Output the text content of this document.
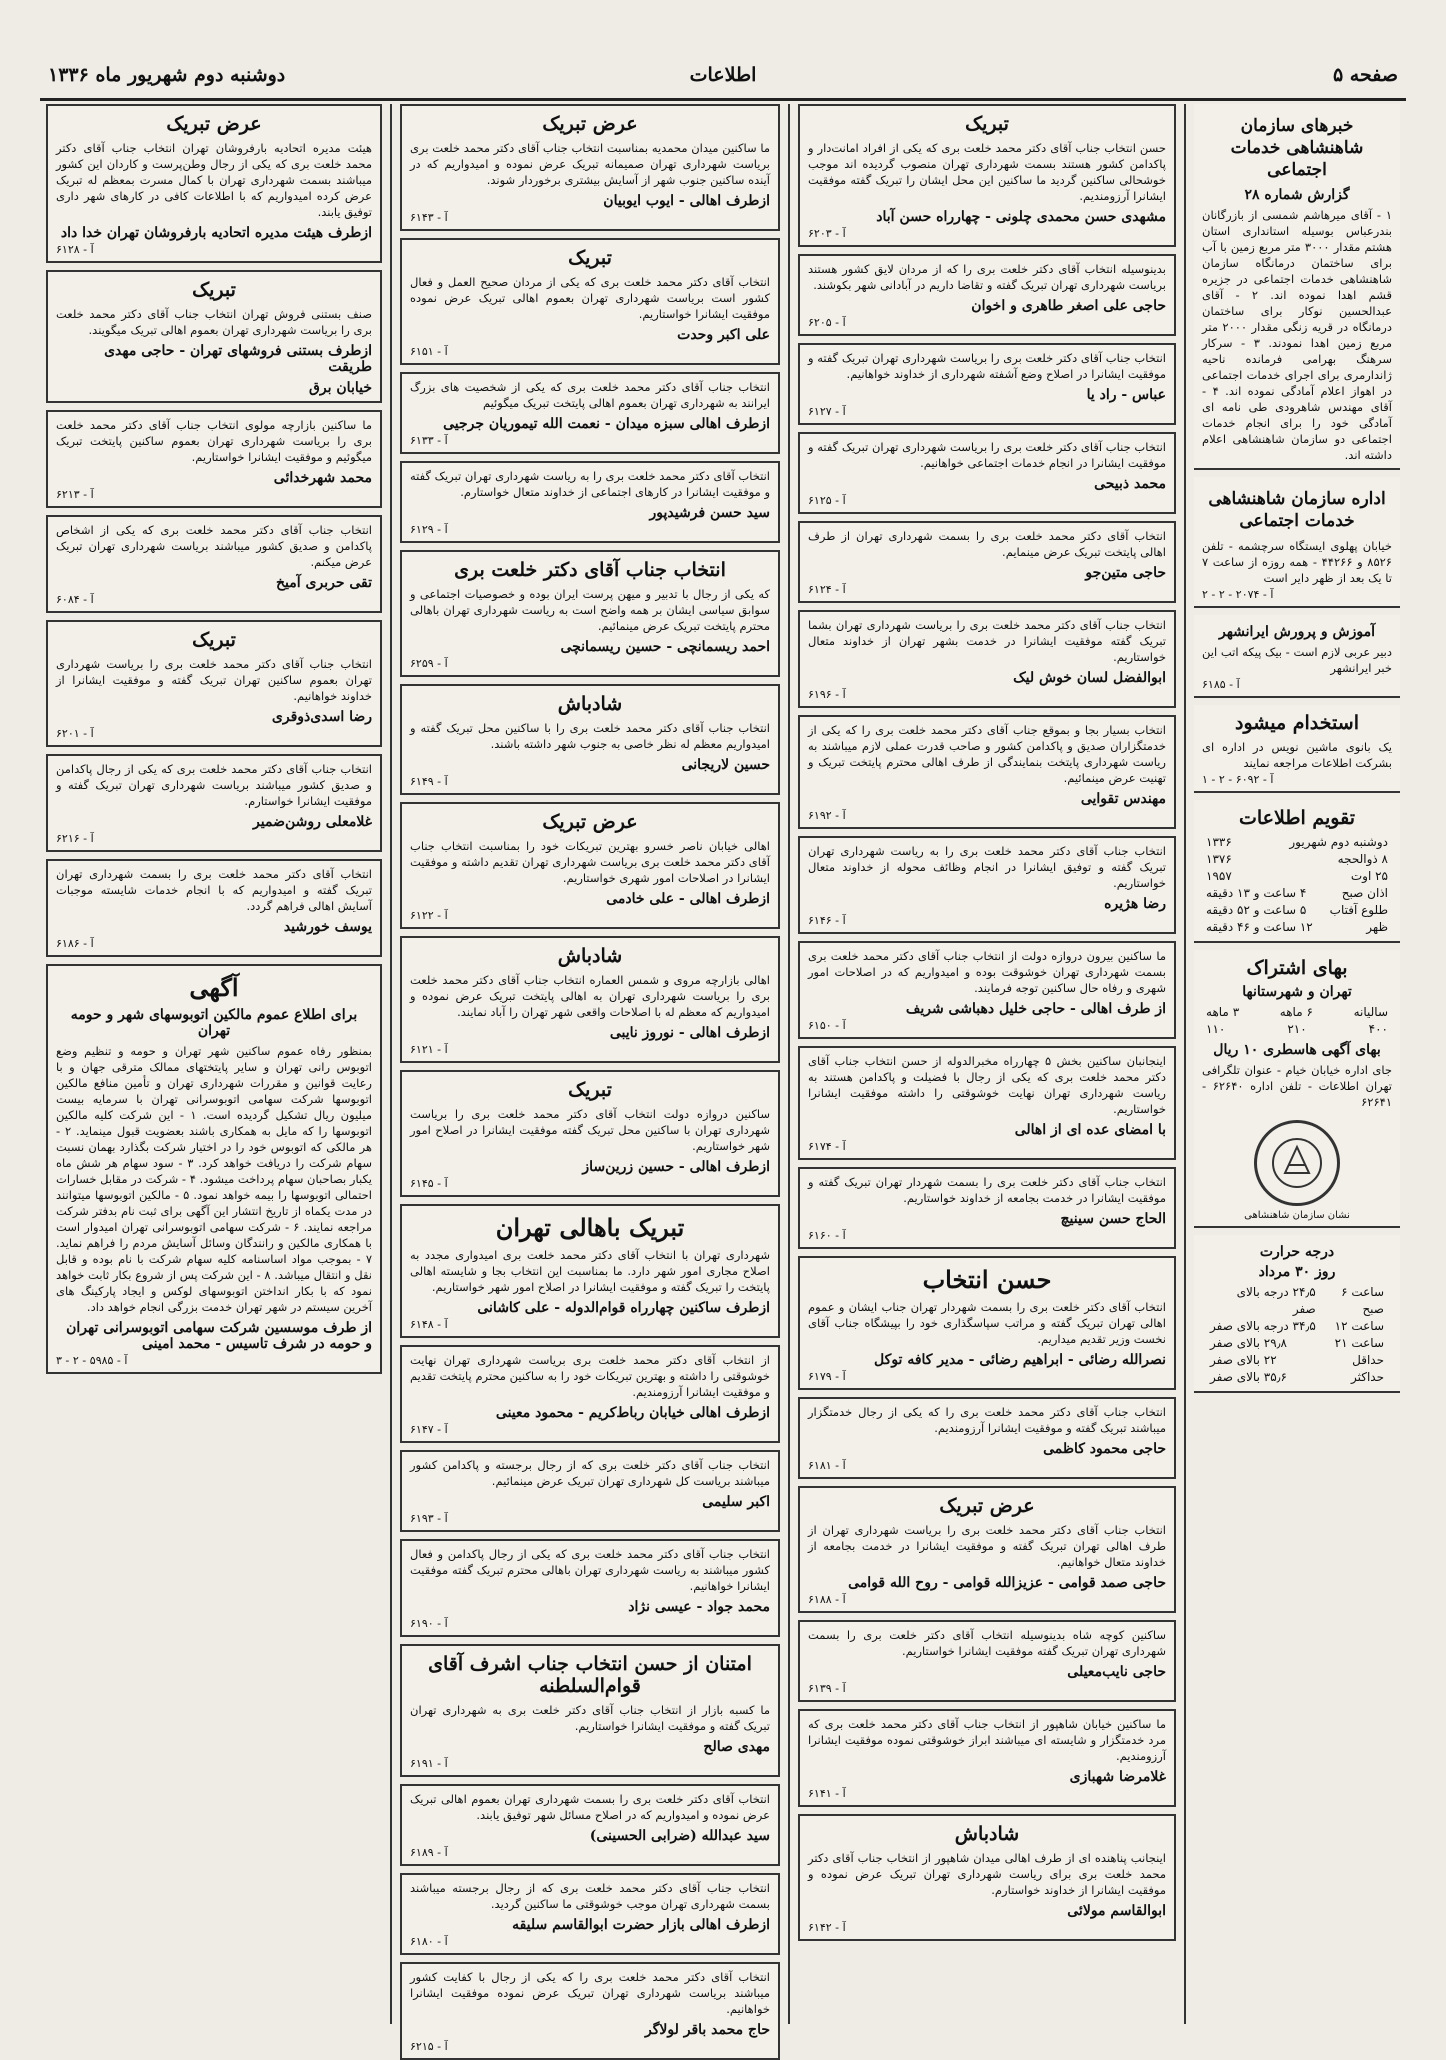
صفحه ۵
اطلاعات
دوشنبه دوم شهریور ماه ۱۳۳۶
خبرهای سازمان شاهنشاهی خدمات اجتماعی
گزارش شماره ۲۸
۱ - آقای میرهاشم شمسی از بازرگانان بندرعباس بوسیله استانداری استان هشتم مقدار ۳۰۰۰ متر مربع زمین با آب برای ساختمان درمانگاه سازمان شاهنشاهی خدمات اجتماعی در جزیره قشم اهدا نموده اند. ۲ - آقای عبدالحسین نوکار برای ساختمان درمانگاه در قریه زنگی مقدار ۲۰۰۰ متر مربع زمین اهدا نمودند. ۳ - سرکار سرهنگ بهرامی فرمانده ناحیه ژاندارمری برای اجرای خدمات اجتماعی در اهواز اعلام آمادگی نموده اند. ۴ - آقای مهندس شاهرودی طی نامه ای آمادگی خود را برای انجام خدمات اجتماعی دو سازمان شاهنشاهی اعلام داشته اند.
اداره سازمان شاهنشاهی خدمات اجتماعی
خیابان پهلوی ایستگاه سرچشمه - تلفن ۸۵۲۶ و ۴۴۲۶۶ - همه روزه از ساعت ۷ تا یک بعد از ظهر دایر است
آ - ۲۰۷۴ - ۲ - ۲
آموزش و پرورش ایرانشهر
دبیر عربی لازم است - بیک پیکه اتب این خبر ایرانشهر
آ - ۶۱۸۵
استخدام میشود
یک بانوی ماشین نویس در اداره ای بشرکت اطلاعات مراجعه نمایند
آ - ۶۰۹۲ - ۲ - ۱
تقویم اطلاعات
دوشنبه دوم شهریور
۱۳۳۶
۸ ذوالحجه
۱۳۷۶
۲۵ اوت
۱۹۵۷
اذان صبح
۴ ساعت و ۱۳ دقیقه
طلوع آفتاب
۵ ساعت و ۵۲ دقیقه
ظهر
۱۲ ساعت و ۴۶ دقیقه
بهای اشتراک
تهران و شهرستانها
سالیانه
۶ ماهه
۳ ماهه
۴۰۰
۲۱۰
۱۱۰
بهای آگهی هاسطری ۱۰ ریال
جای اداره خیابان خیام - عنوان تلگرافی تهران اطلاعات - تلفن اداره ۶۲۶۴۰ - ۶۲۶۴۱
نشان سازمان شاهنشاهی
درجه حرارت
روز ۳۰ مرداد
ساعت ۶ صبح
۲۴٫۵ درجه بالای صفر
ساعت ۱۲
۳۴٫۵ درجه بالای صفر
ساعت ۲۱
۲۹٫۸ بالای صفر
حداقل
۲۲ بالای صفر
حداکثر
۳۵٫۶ بالای صفر
تبریک
حسن انتخاب جناب آقای دکتر محمد خلعت بری که یکی از افراد امانت‌دار و پاکدامن کشور هستند بسمت شهرداری تهران منصوب گردیده اند موجب خوشحالی ساکنین گردید ما ساکنین این محل ایشان را تبریک گفته موفقیت ایشانرا آرزومندیم.
مشهدی حسن محمدی چلونی - چهارراه حسن آباد
آ - ۶۲۰۳
بدینوسیله انتخاب آقای دکتر خلعت بری را که از مردان لایق کشور هستند بریاست شهرداری تهران تبریک گفته و تقاضا داریم در آبادانی شهر بکوشند.
حاجی علی اصغر طاهری و اخوان
آ - ۶۲۰۵
انتخاب جناب آقای دکتر خلعت بری را بریاست شهرداری تهران تبریک گفته و موفقیت ایشانرا در اصلاح وضع آشفته شهرداری از خداوند خواهانیم.
عباس - راد یا
آ - ۶۱۲۷
انتخاب جناب آقای دکتر خلعت بری را بریاست شهرداری تهران تبریک گفته و موفقیت ایشانرا در انجام خدمات اجتماعی خواهانیم.
محمد ذبیحی
آ - ۶۱۲۵
انتخاب آقای دکتر محمد خلعت بری را بسمت شهرداری تهران از طرف اهالی پایتخت تبریک عرض مینمایم.
حاجی متین‌جو
آ - ۶۱۲۴
انتخاب جناب آقای دکتر محمد خلعت بری را بریاست شهرداری تهران بشما تبریک گفته موفقیت ایشانرا در خدمت بشهر تهران از خداوند متعال خواستاریم.
ابوالفضل لسان خوش لیک
آ - ۶۱۹۶
انتخاب بسیار بجا و بموقع جناب آقای دکتر محمد خلعت بری را که یکی از خدمتگزاران صدیق و پاکدامن کشور و صاحب قدرت عملی لازم میباشند به ریاست شهرداری پایتخت بنمایندگی از طرف اهالی محترم پایتخت تبریک و تهنیت عرض مینمائیم.
مهندس تقوایی
آ - ۶۱۹۲
انتخاب جناب آقای دکتر محمد خلعت بری را به ریاست شهرداری تهران تبریک گفته و توفیق ایشانرا در انجام وظائف محوله از خداوند متعال خواستاریم.
رضا هژیره
آ - ۶۱۴۶
ما ساکنین بیرون دروازه دولت از انتخاب جناب آقای دکتر محمد خلعت بری بسمت شهرداری تهران خوشوقت بوده و امیدواریم که در اصلاحات امور شهری و رفاه حال ساکنین توجه فرمایند.
از طرف اهالی - حاجی خلیل دهباشی شریف
آ - ۶۱۵۰
اینجانبان ساکنین بخش ۵ چهارراه مخبرالدوله از حسن انتخاب جناب آقای دکتر محمد خلعت بری که یکی از رجال با فضیلت و پاکدامن هستند به ریاست شهرداری تهران نهایت خوشوقتی را داشته موفقیت ایشانرا خواستاریم.
با امضای عده ای از اهالی
آ - ۶۱۷۴
انتخاب جناب آقای دکتر خلعت بری را بسمت شهردار تهران تبریک گفته و موفقیت ایشانرا در خدمت بجامعه از خداوند خواستاریم.
الحاج حسن سینیچ
آ - ۶۱۶۰
حسن انتخاب
انتخاب آقای دکتر خلعت بری را بسمت شهردار تهران جناب ایشان و عموم اهالی تهران تبریک گفته و مراتب سپاسگذاری خود را بپیشگاه جناب آقای نخست وزیر تقدیم میداریم.
نصرالله رضائی - ابراهیم رضائی - مدیر کافه توکل
آ - ۶۱۷۹
انتخاب جناب آقای دکتر محمد خلعت بری را که یکی از رجال خدمتگزار میباشند تبریک گفته و موفقیت ایشانرا آرزومندیم.
حاجی محمود کاظمی
آ - ۶۱۸۱
عرض تبریک
انتخاب جناب آقای دکتر محمد خلعت بری را بریاست شهرداری تهران از طرف اهالی تهران تبریک گفته و موفقیت ایشانرا در خدمت بجامعه از خداوند متعال خواهانیم.
حاجی صمد قوامی - عزیزالله قوامی - روح الله قوامی
آ - ۶۱۸۸
ساکنین کوچه شاه بدینوسیله انتخاب آقای دکتر خلعت بری را بسمت شهرداری تهران تبریک گفته موفقیت ایشانرا خواستاریم.
حاجی نایب‌معیلی
آ - ۶۱۳۹
ما ساکنین خیابان شاهپور از انتخاب جناب آقای دکتر محمد خلعت بری که مرد خدمتگزار و شایسته ای میباشند ابراز خوشوقتی نموده موفقیت ایشانرا آرزومندیم.
غلامرضا شهبازی
آ - ۶۱۴۱
شادباش
اینجانب پناهنده ای از طرف اهالی میدان شاهپور از انتخاب جناب آقای دکتر محمد خلعت بری برای ریاست شهرداری تهران تبریک عرض نموده و موفقیت ایشانرا از خداوند خواستارم.
ابوالقاسم مولائی
آ - ۶۱۴۲
عرض تبریک
ما ساکنین میدان محمدیه بمناسبت انتخاب جناب آقای دکتر محمد خلعت بری بریاست شهرداری تهران صمیمانه تبریک عرض نموده و امیدواریم که در آینده ساکنین جنوب شهر از آسایش بیشتری برخوردار شوند.
ازطرف اهالی - ایوب ایوبیان
آ - ۶۱۴۳
تبریک
انتخاب آقای دکتر محمد خلعت بری که یکی از مردان صحیح العمل و فعال کشور است بریاست شهرداری تهران بعموم اهالی تبریک عرض نموده موفقیت ایشانرا خواستاریم.
علی اکبر وحدت
آ - ۶۱۵۱
انتخاب جناب آقای دکتر محمد خلعت بری که یکی از شخصیت های بزرگ ایرانند به شهرداری تهران بعموم اهالی پایتخت تبریک میگوئیم
ازطرف اهالی سبزه میدان - نعمت الله تیموریان جرجیی
آ - ۶۱۳۳
انتخاب آقای دکتر محمد خلعت بری را به ریاست شهرداری تهران تبریک گفته و موفقیت ایشانرا در کارهای اجتماعی از خداوند متعال خواستارم.
سید حسن فرشیدپور
آ - ۶۱۲۹
انتخاب جناب آقای دکتر خلعت بری
که یکی از رجال با تدبیر و میهن پرست ایران بوده و خصوصیات اجتماعی و سوابق سیاسی ایشان بر همه واضح است به ریاست شهرداری تهران باهالی محترم پایتخت تبریک عرض مینمائیم.
احمد ریسمانچی - حسین ریسمانچی
آ - ۶۲۵۹
شادباش
انتخاب جناب آقای دکتر محمد خلعت بری را با ساکنین محل تبریک گفته و امیدواریم معظم له نظر خاصی به جنوب شهر داشته باشند.
حسین لاریجانی
آ - ۶۱۴۹
عرض تبریک
اهالی خیابان ناصر خسرو بهترین تبریکات خود را بمناسبت انتخاب جناب آقای دکتر محمد خلعت بری بریاست شهرداری تهران تقدیم داشته و موفقیت ایشانرا در اصلاحات امور شهری خواستاریم.
ازطرف اهالی - علی خادمی
آ - ۶۱۲۲
شادباش
اهالی بازارچه مروی و شمس العماره انتخاب جناب آقای دکتر محمد خلعت بری را بریاست شهرداری تهران به اهالی پایتخت تبریک عرض نموده و امیدواریم که معظم له با اصلاحات واقعی شهر تهران را آباد نمایند.
ازطرف اهالی - نوروز نایبی
آ - ۶۱۲۱
تبریک
ساکنین دروازه دولت انتخاب آقای دکتر محمد خلعت بری را بریاست شهرداری تهران با ساکنین محل تبریک گفته موفقیت ایشانرا در اصلاح امور شهر خواستاریم.
ازطرف اهالی - حسین زرین‌ساز
آ - ۶۱۴۵
تبریک باهالی تهران
شهرداری تهران با انتخاب آقای دکتر محمد خلعت بری امیدواری مجدد به اصلاح مجاری امور شهر دارد. ما بمناسبت این انتخاب بجا و شایسته اهالی پایتخت را تبریک گفته و موفقیت ایشانرا در اصلاح امور شهر خواستاریم.
ازطرف ساکنین چهارراه قوام‌الدوله - علی کاشانی
آ - ۶۱۴۸
از انتخاب آقای دکتر محمد خلعت بری بریاست شهرداری تهران نهایت خوشوقتی را داشته و بهترین تبریکات خود را به ساکنین محترم پایتخت تقدیم و موفقیت ایشانرا آرزومندیم.
ازطرف اهالی خیابان رباط‌کریم - محمود معینی
آ - ۶۱۴۷
انتخاب جناب آقای دکتر خلعت بری که از رجال برجسته و پاکدامن کشور میباشند بریاست کل شهرداری تهران تبریک عرض مینمائیم.
اکبر سلیمی
آ - ۶۱۹۳
انتخاب جناب آقای دکتر محمد خلعت بری که یکی از رجال پاکدامن و فعال کشور میباشند به ریاست شهرداری تهران باهالی محترم تبریک گفته موفقیت ایشانرا خواهانیم.
محمد جواد - عیسی نژاد
آ - ۶۱۹۰
امتنان از حسن انتخاب جناب اشرف آقای قوام‌السلطنه
ما کسبه بازار از انتخاب جناب آقای دکتر خلعت بری به شهرداری تهران تبریک گفته و موفقیت ایشانرا خواستاریم.
مهدی صالح
آ - ۶۱۹۱
انتخاب آقای دکتر خلعت بری را بسمت شهرداری تهران بعموم اهالی تبریک عرض نموده و امیدواریم که در اصلاح مسائل شهر توفیق یابند.
سید عبدالله (ضرابی الحسینی)
آ - ۶۱۸۹
انتخاب جناب آقای دکتر محمد خلعت بری که از رجال برجسته میباشند بسمت شهرداری تهران موجب خوشوقتی ما ساکنین گردید.
ازطرف اهالی بازار حضرت ابوالقاسم سلیقه
آ - ۶۱۸۰
انتخاب آقای دکتر محمد خلعت بری را که یکی از رجال با کفایت کشور میباشند بریاست شهرداری تهران تبریک عرض نموده موفقیت ایشانرا خواهانیم.
حاج محمد باقر لولاگر
آ - ۶۲۱۵
عرض تبریک
هیئت مدیره اتحادیه بارفروشان تهران انتخاب جناب آقای دکتر محمد خلعت بری که یکی از رجال وطن‌پرست و کاردان این کشور میباشند بسمت شهرداری تهران با کمال مسرت بمعظم له تبریک عرض کرده امیدواریم که با اطلاعات کافی در کارهای شهر داری توفیق یابند.
ازطرف هیئت مدیره اتحادیه بارفروشان تهران خدا داد
آ - ۶۱۲۸
تبریک
صنف بستنی فروش تهران انتخاب جناب آقای دکتر محمد خلعت بری را بریاست شهرداری تهران بعموم اهالی تبریک میگویند.
ازطرف بستنی فروشهای تهران - حاجی مهدی طریقت
خیابان برق
ما ساکنین بازارچه مولوی انتخاب جناب آقای دکتر محمد خلعت بری را بریاست شهرداری تهران بعموم ساکنین پایتخت تبریک میگوئیم و موفقیت ایشانرا خواستاریم.
محمد شهرخدائی
آ - ۶۲۱۳
انتخاب جناب آقای دکتر محمد خلعت بری که یکی از اشخاص پاکدامن و صدیق کشور میباشند بریاست شهرداری تهران تبریک عرض میکنم.
تقی حربری آمیخ
آ - ۶۰۸۴
تبریک
انتخاب جناب آقای دکتر محمد خلعت بری را بریاست شهرداری تهران بعموم ساکنین تهران تبریک گفته و موفقیت ایشانرا از خداوند خواهانیم.
رضا اسدی‌ذوقری
آ - ۶۲۰۱
انتخاب جناب آقای دکتر محمد خلعت بری که یکی از رجال پاکدامن و صدیق کشور میباشند بریاست شهرداری تهران تبریک گفته و موفقیت ایشانرا خواستارم.
غلامعلی روشن‌ضمیر
آ - ۶۲۱۶
انتخاب آقای دکتر محمد خلعت بری را بسمت شهرداری تهران تبریک گفته و امیدواریم که با انجام خدمات شایسته موجبات آسایش اهالی فراهم گردد.
یوسف خورشید
آ - ۶۱۸۶
آگهی
برای اطلاع عموم مالکین اتوبوسهای شهر و حومه تهران
بمنظور رفاه عموم ساکنین شهر تهران و حومه و تنظیم وضع اتوبوس رانی تهران و سایر پایتختهای ممالک مترقی جهان و با رعایت قوانین و مقررات شهرداری تهران و تأمین منافع مالکین اتوبوسها شرکت سهامی اتوبوسرانی تهران با سرمایه بیست میلیون ریال تشکیل گردیده است. ۱ - این شرکت کلیه مالکین اتوبوسها را که مایل به همکاری باشند بعضویت قبول مینماید. ۲ - هر مالکی که اتوبوس خود را در اختیار شرکت بگذارد بهمان نسبت سهام شرکت را دریافت خواهد کرد. ۳ - سود سهام هر شش ماه یکبار بصاحبان سهام پرداخت میشود. ۴ - شرکت در مقابل خسارات احتمالی اتوبوسها را بیمه خواهد نمود. ۵ - مالکین اتوبوسها میتوانند در مدت یکماه از تاریخ انتشار این آگهی برای ثبت نام بدفتر شرکت مراجعه نمایند. ۶ - شرکت سهامی اتوبوسرانی تهران امیدوار است با همکاری مالکین و رانندگان وسائل آسایش مردم را فراهم نماید. ۷ - بموجب مواد اساسنامه کلیه سهام شرکت با نام بوده و قابل نقل و انتقال میباشد. ۸ - این شرکت پس از شروع بکار ثابت خواهد نمود که با بکار انداختن اتوبوسهای لوکس و ایجاد پارکینگ های آخرین سیستم در شهر تهران خدمت بزرگی انجام خواهد داد.
از طرف موسسین شرکت سهامی اتوبوسرانی تهران و حومه در شرف تاسیس - محمد امینی
آ - ۵۹۸۵ - ۲ - ۳
